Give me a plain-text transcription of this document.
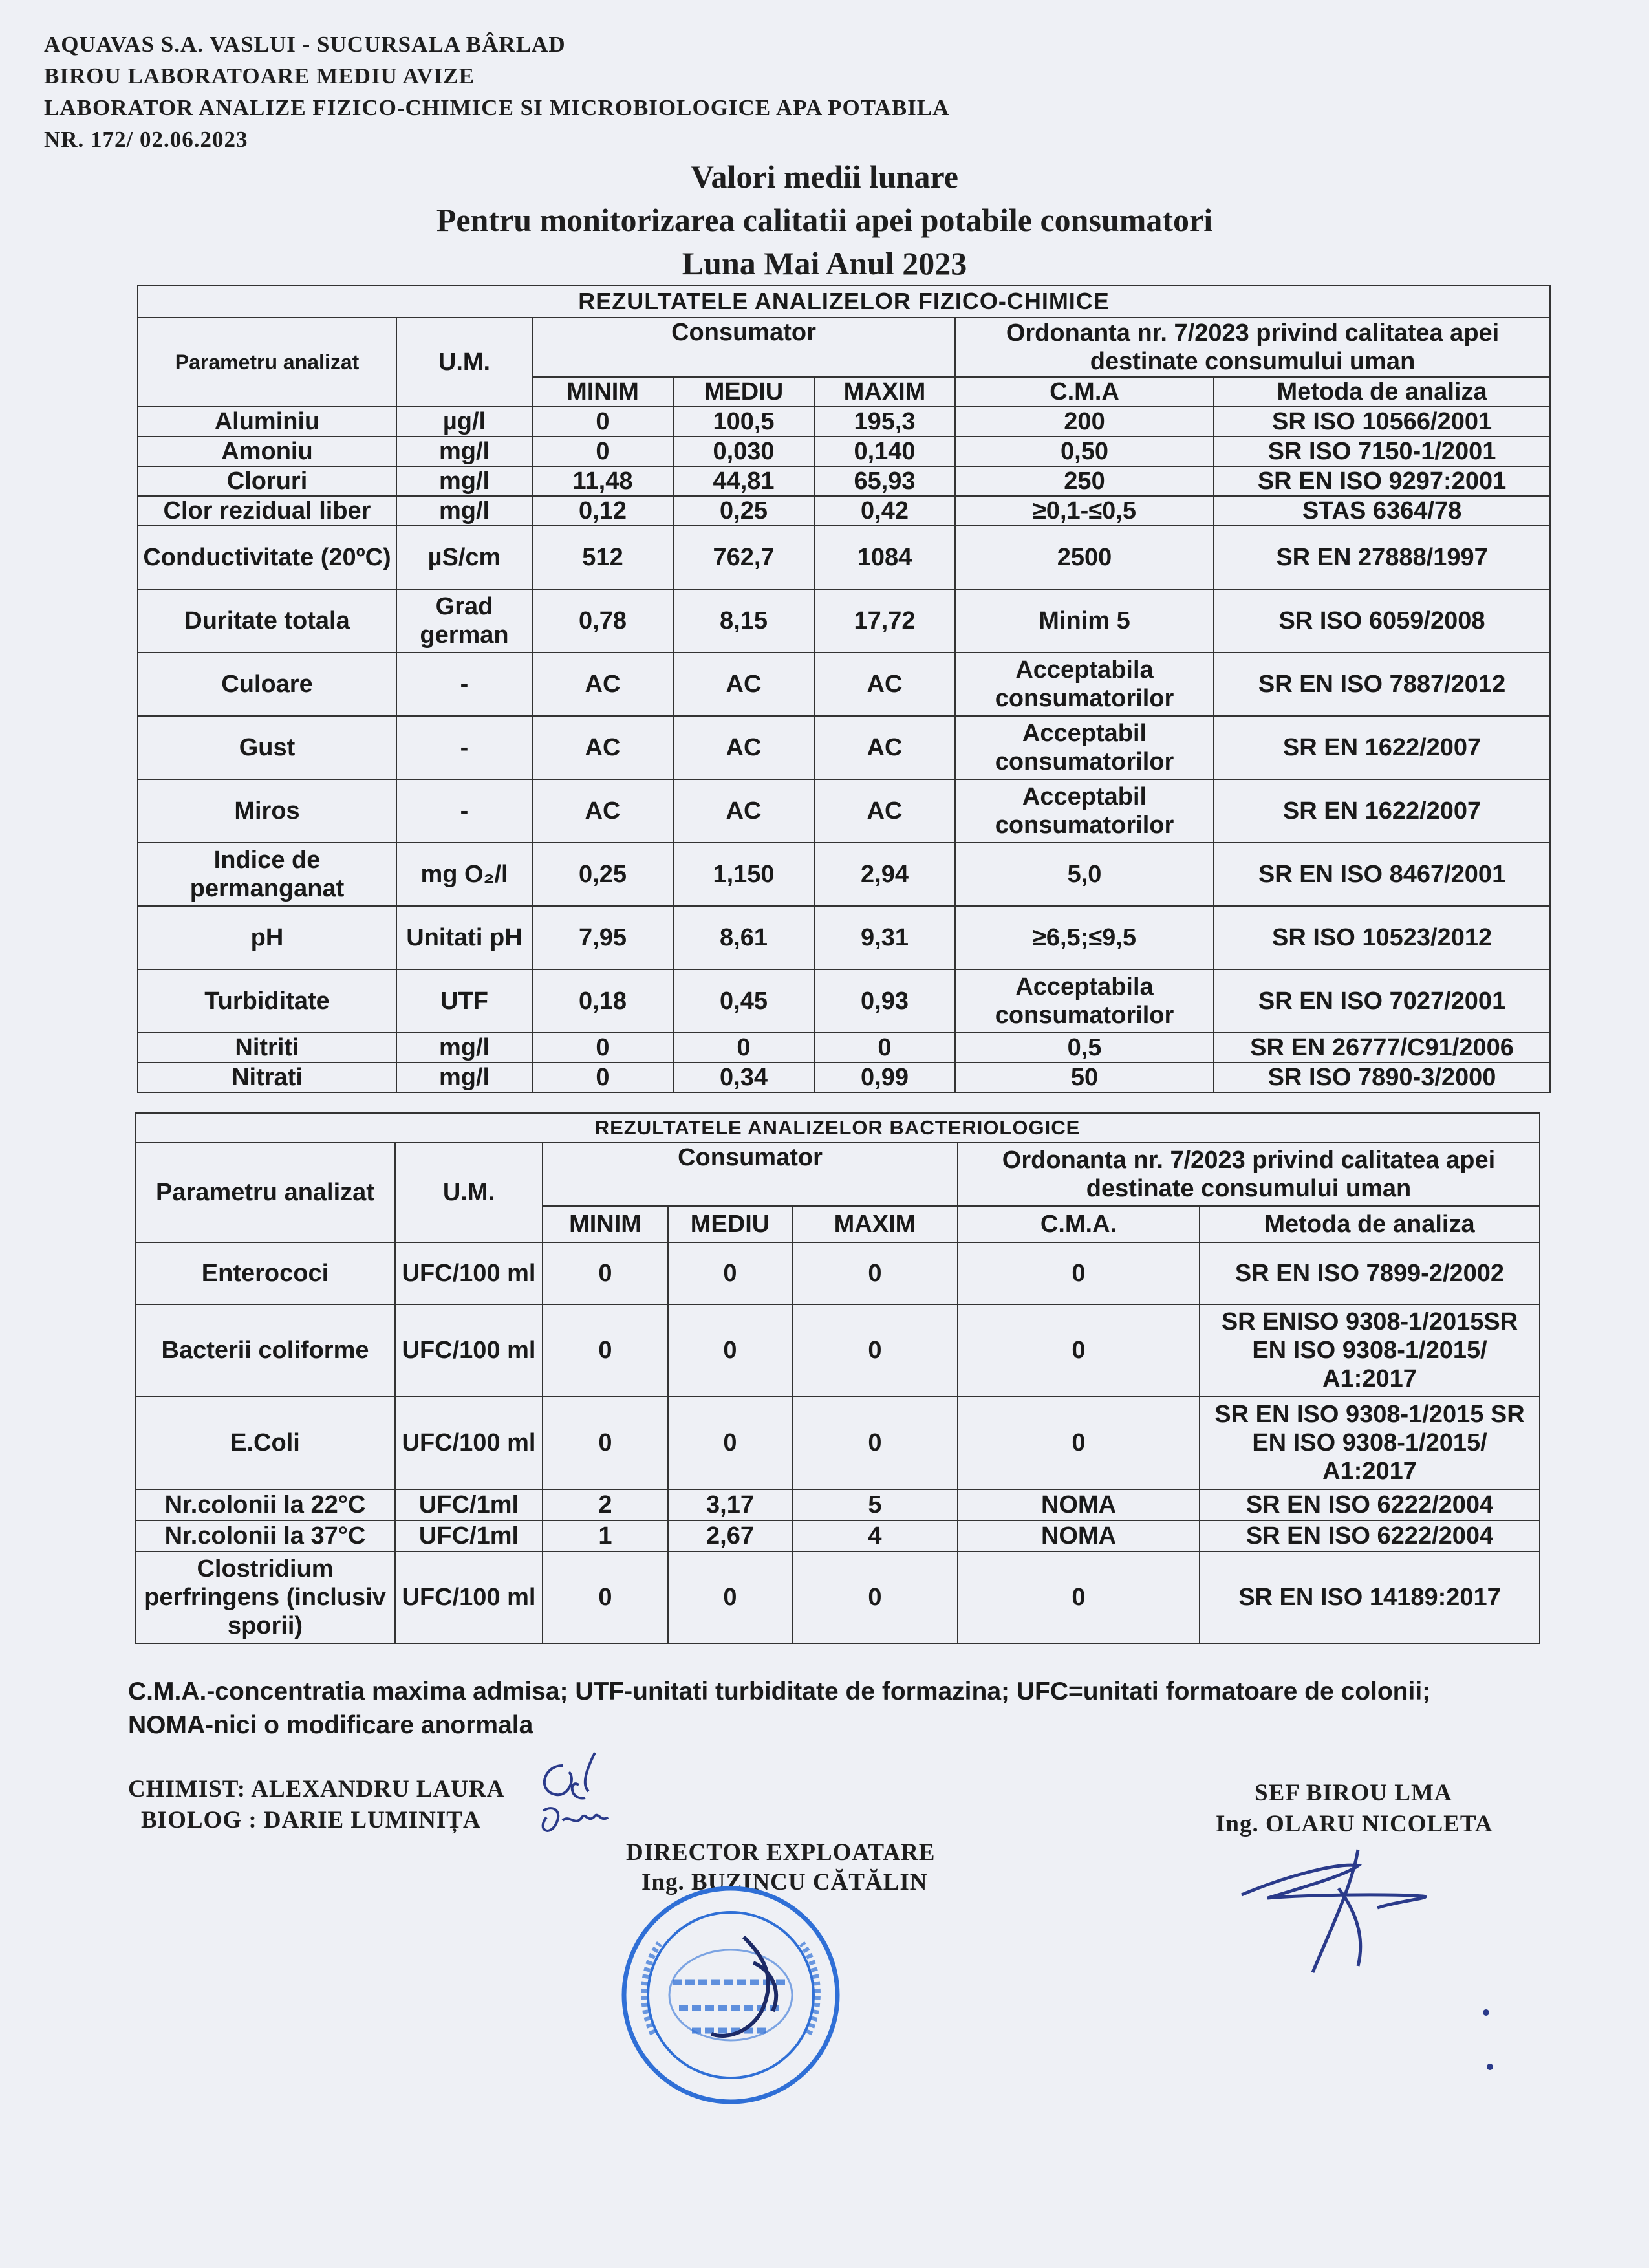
AQUAVAS S.A. VASLUI - SUCURSALA BÂRLAD
BIROU LABORATOARE MEDIU AVIZE
LABORATOR ANALIZE FIZICO-CHIMICE SI MICROBIOLOGICE APA POTABILA
NR. 172/ 02.06.2023
Valori medii lunare
Pentru monitorizarea calitatii apei potabile consumatori
Luna Mai Anul 2023
REZULTATELE ANALIZELOR FIZICO-CHIMICE						
Parametru analizat	U.M.	Consumator			Ordonanta nr. 7/2023 privind calitatea apei destinate consumului uman	
		MINIM	MEDIU	MAXIM	C.M.A	Metoda de analiza
Aluminiu	µg/l	0	100,5	195,3	200	SR ISO 10566/2001
Amoniu	mg/l	0	0,030	0,140	0,50	SR ISO 7150-1/2001
Cloruri	mg/l	11,48	44,81	65,93	250	SR EN ISO 9297:2001
Clor rezidual liber	mg/l	0,12	0,25	0,42	≥0,1-≤0,5	STAS 6364/78
Conductivitate (20ºC)	µS/cm	512	762,7	1084	2500	SR EN 27888/1997
Duritate totala	Grad german	0,78	8,15	17,72	Minim 5	SR ISO 6059/2008
Culoare	-	AC	AC	AC	Acceptabila consumatorilor	SR EN ISO 7887/2012
Gust	-	AC	AC	AC	Acceptabil consumatorilor	SR EN 1622/2007
Miros	-	AC	AC	AC	Acceptabil consumatorilor	SR EN 1622/2007
Indice de permanganat	mg O₂/l	0,25	1,150	2,94	5,0	SR EN ISO 8467/2001
pH	Unitati pH	7,95	8,61	9,31	≥6,5;≤9,5	SR ISO 10523/2012
Turbiditate	UTF	0,18	0,45	0,93	Acceptabila consumatorilor	SR EN ISO 7027/2001
Nitriti	mg/l	0	0	0	0,5	SR EN 26777/C91/2006
Nitrati	mg/l	0	0,34	0,99	50	SR ISO 7890-3/2000
REZULTATELE ANALIZELOR BACTERIOLOGICE						
Parametru analizat	U.M.	Consumator			Ordonanta nr. 7/2023 privind calitatea apei destinate consumului uman	
		MINIM	MEDIU	MAXIM	C.M.A.	Metoda de analiza
Enterococi	UFC/100 ml	0	0	0	0	SR EN ISO 7899-2/2002
Bacterii coliforme	UFC/100 ml	0	0	0	0	SR ENISO 9308-1/2015SR EN ISO 9308-1/2015/ A1:2017
E.Coli	UFC/100 ml	0	0	0	0	SR EN ISO 9308-1/2015 SR EN ISO 9308-1/2015/ A1:2017
Nr.colonii la 22°C	UFC/1ml	2	3,17	5	NOMA	SR EN ISO 6222/2004
Nr.colonii la 37°C	UFC/1ml	1	2,67	4	NOMA	SR EN ISO 6222/2004
Clostridium perfringens (inclusiv sporii)	UFC/100 ml	0	0	0	0	SR EN ISO 14189:2017
C.M.A.-concentratia maxima admisa; UTF-unitati turbiditate de formazina; UFC=unitati formatoare de colonii;
NOMA-nici o modificare anormala
CHIMIST: ALEXANDRU LAURA
BIOLOG : DARIE LUMINIȚA
DIRECTOR EXPLOATARE
Ing. BUZINCU CĂTĂLIN
SEF BIROU LMA
Ing. OLARU NICOLETA
